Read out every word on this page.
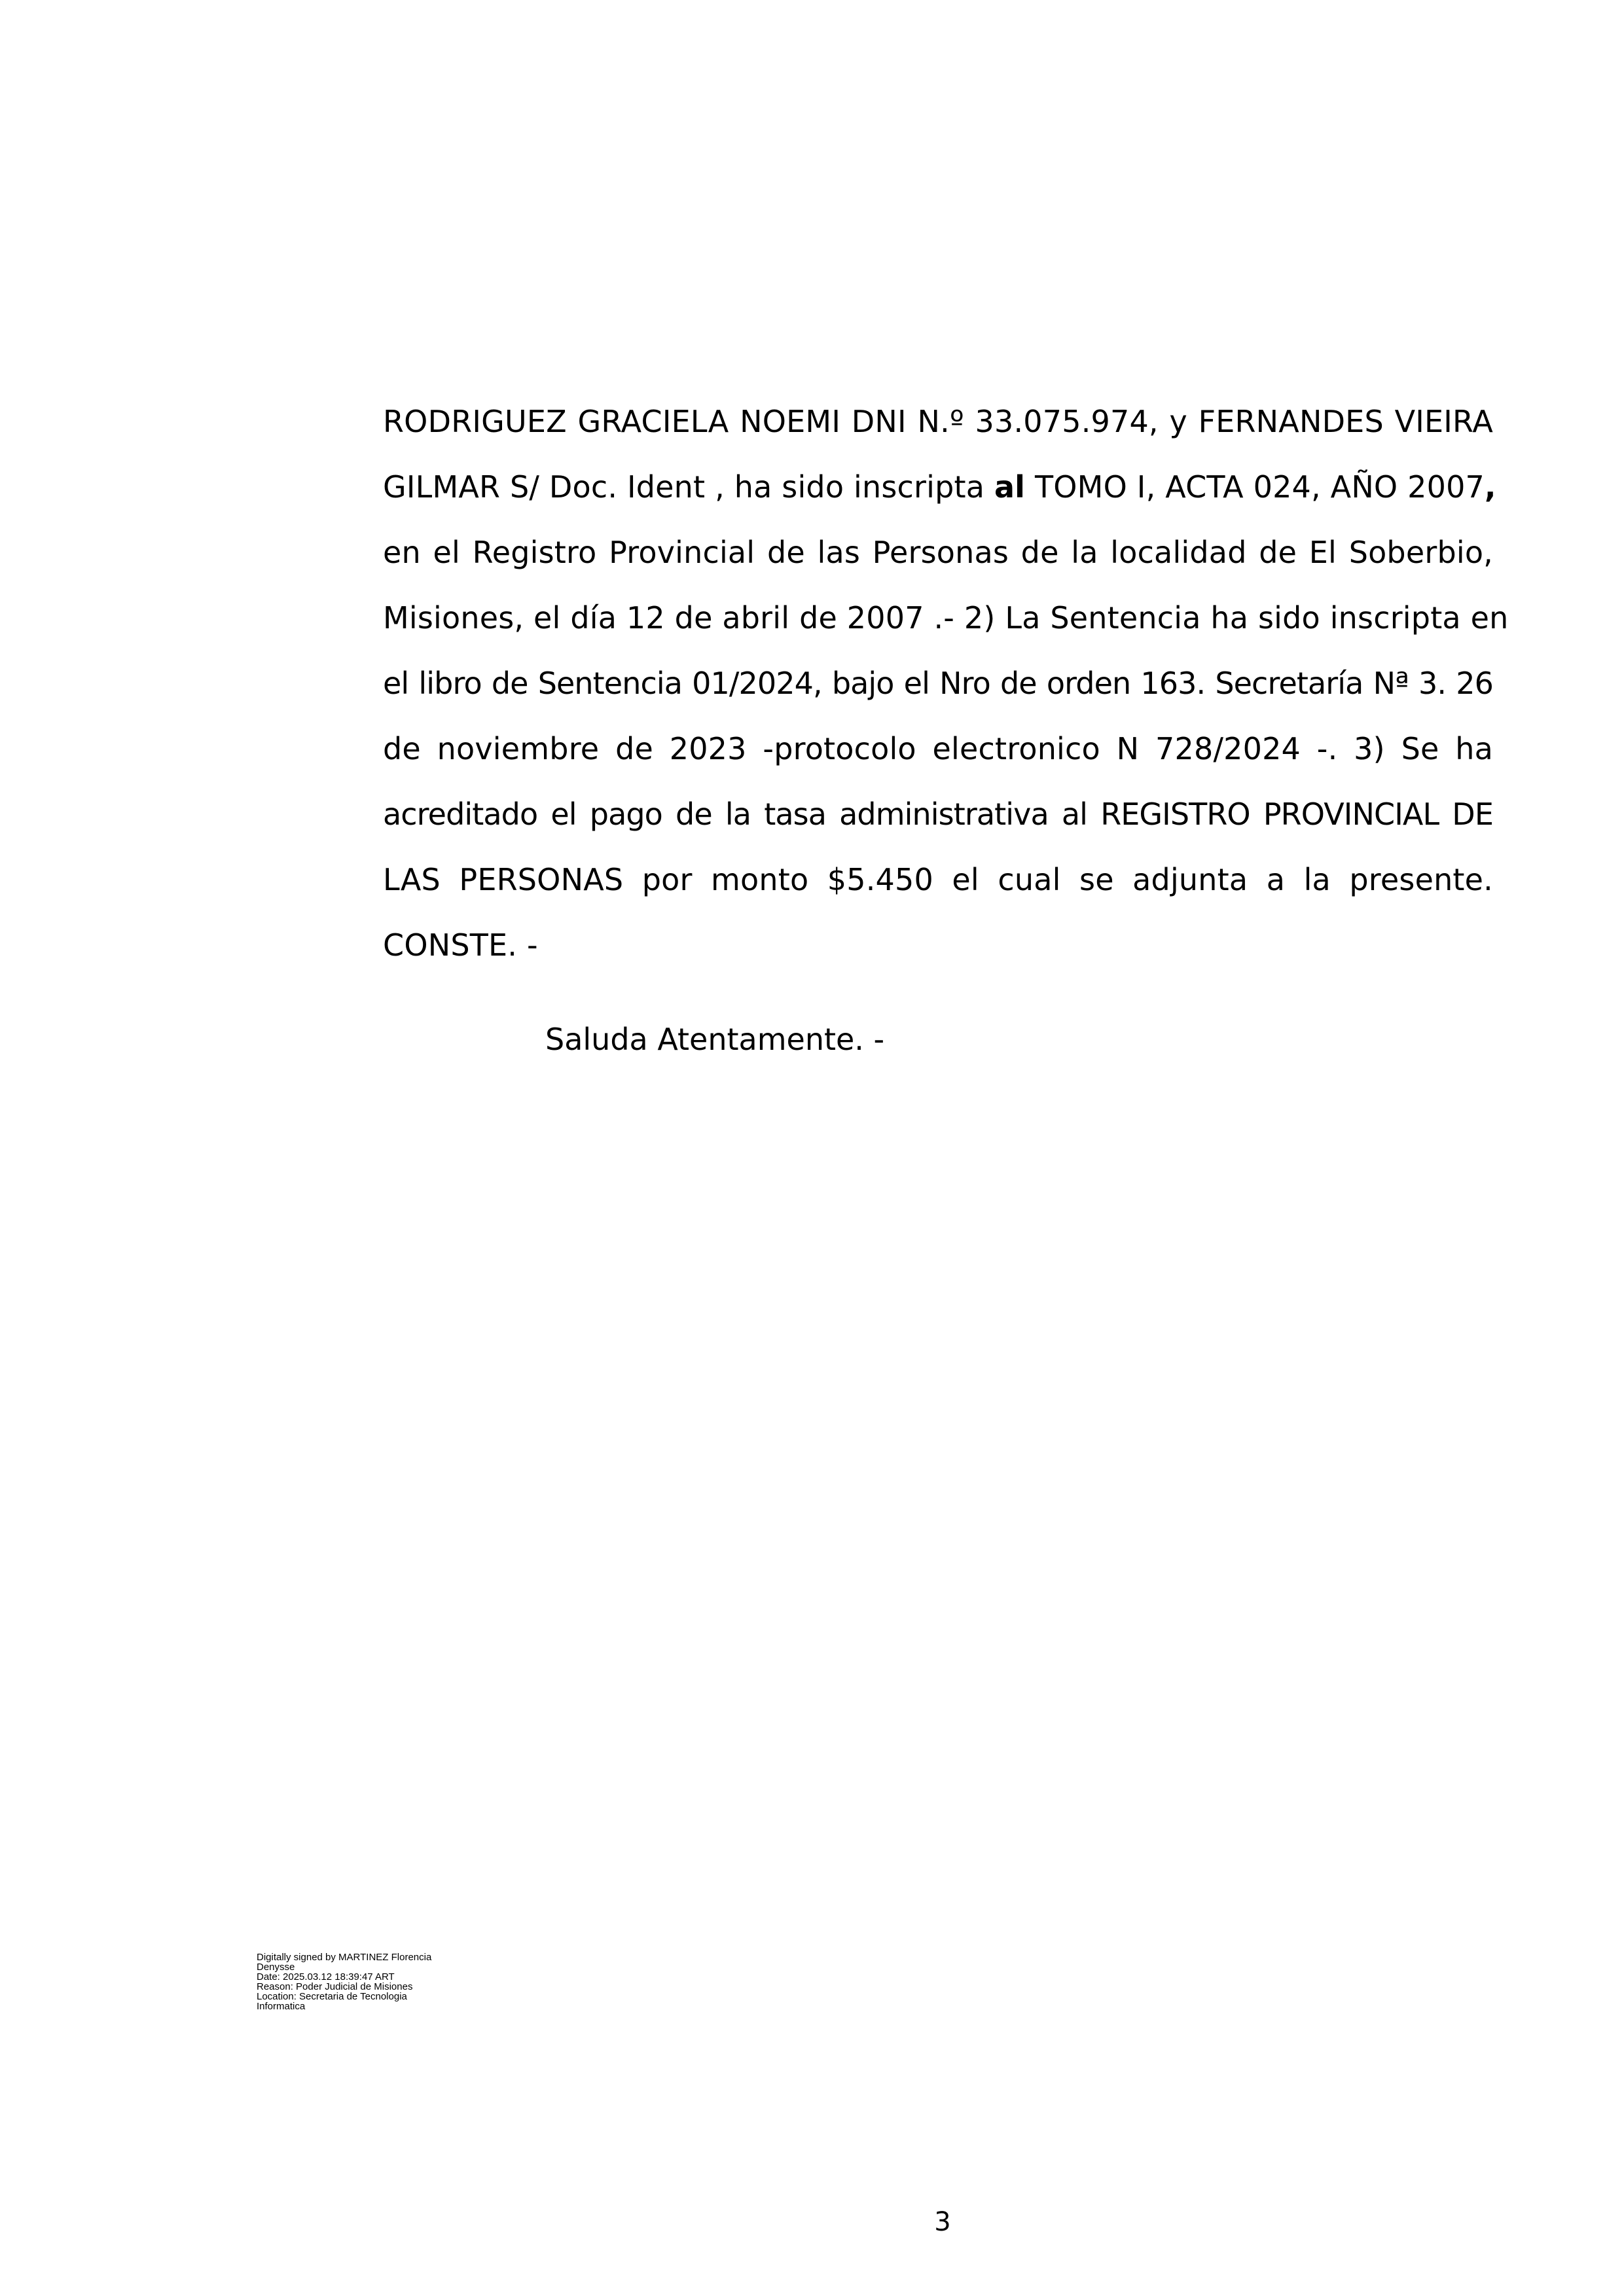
RODRIGUEZ GRACIELA NOEMI DNI N.º 33.075.974, y FERNANDES VIEIRA
GILMAR S/ Doc. Ident , ha sido inscripta al TOMO I, ACTA 024, AÑO 2007,
en el Registro Provincial de las Personas de la localidad de El Soberbio,
Misiones, el día 12 de abril de 2007 .- 2) La Sentencia ha sido inscripta en
el libro de Sentencia 01/2024, bajo el Nro de orden 163. Secretaría Nª 3. 26
de noviembre de 2023 -protocolo electronico N 728/2024 -. 3) Se ha
acreditado el pago de la tasa administrativa al REGISTRO PROVINCIAL DE
LAS PERSONAS por monto $5.450 el cual se adjunta a la presente.
CONSTE. -
Saluda Atentamente. -
Digitally signed by MARTINEZ Florencia
Denysse
Date: 2025.03.12 18:39:47 ART
Reason: Poder Judicial de Misiones
Location: Secretaria de Tecnologia
Informatica
3
